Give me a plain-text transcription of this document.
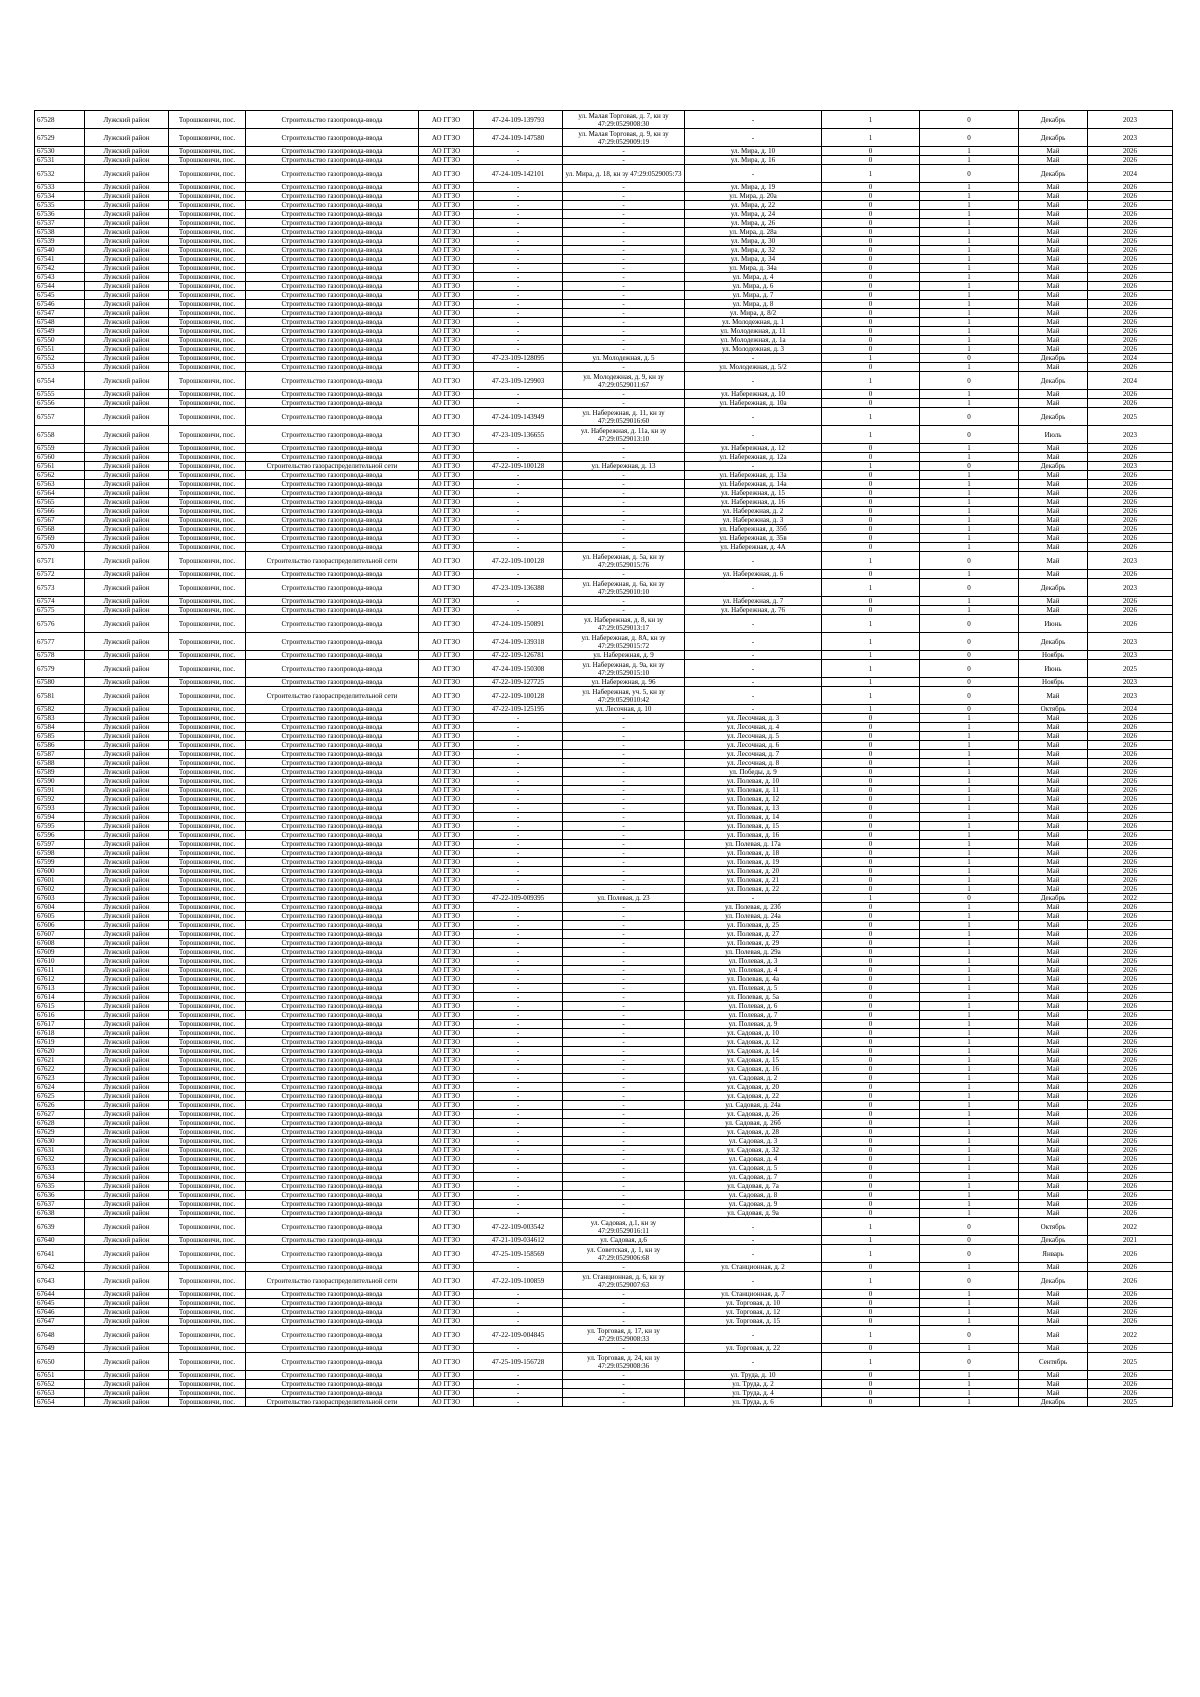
67528	Лужский район	Торошковичи, пос.	Строительство газопровода-ввода	АО ГГЗО	47-24-109-139793	ул. Малая Торговая, д. 7, кн зу 47:29:0529008:30	-	1	0	Декабрь	2023
67529	Лужский район	Торошковичи, пос.	Строительство газопровода-ввода	АО ГГЗО	47-24-109-147580	ул. Малая Торговая, д. 9, кн зу 47:29:0529009:19	-	1	0	Декабрь	2023
67530	Лужский район	Торошковичи, пос.	Строительство газопровода-ввода	АО ГГЗО	-	-	ул. Мира, д. 10	0	1	Май	2026
67531	Лужский район	Торошковичи, пос.	Строительство газопровода-ввода	АО ГГЗО	-	-	ул. Мира, д. 16	0	1	Май	2026
67532	Лужский район	Торошковичи, пос.	Строительство газопровода-ввода	АО ГГЗО	47-24-109-142101	ул. Мира, д. 18, кн зу 47:29:0529005:73	-	1	0	Декабрь	2024
67533	Лужский район	Торошковичи, пос.	Строительство газопровода-ввода	АО ГГЗО	-	-	ул. Мира, д. 19	0	1	Май	2026
67534	Лужский район	Торошковичи, пос.	Строительство газопровода-ввода	АО ГГЗО	-	-	ул. Мира, д. 20а	0	1	Май	2026
67535	Лужский район	Торошковичи, пос.	Строительство газопровода-ввода	АО ГГЗО	-	-	ул. Мира, д. 22	0	1	Май	2026
67536	Лужский район	Торошковичи, пос.	Строительство газопровода-ввода	АО ГГЗО	-	-	ул. Мира, д. 24	0	1	Май	2026
67537	Лужский район	Торошковичи, пос.	Строительство газопровода-ввода	АО ГГЗО	-	-	ул. Мира, д. 26	0	1	Май	2026
67538	Лужский район	Торошковичи, пос.	Строительство газопровода-ввода	АО ГГЗО	-	-	ул. Мира, д. 28а	0	1	Май	2026
67539	Лужский район	Торошковичи, пос.	Строительство газопровода-ввода	АО ГГЗО	-	-	ул. Мира, д. 30	0	1	Май	2026
67540	Лужский район	Торошковичи, пос.	Строительство газопровода-ввода	АО ГГЗО	-	-	ул. Мира, д. 32	0	1	Май	2026
67541	Лужский район	Торошковичи, пос.	Строительство газопровода-ввода	АО ГГЗО	-	-	ул. Мира, д. 34	0	1	Май	2026
67542	Лужский район	Торошковичи, пос.	Строительство газопровода-ввода	АО ГГЗО	-	-	ул. Мира, д. 34а	0	1	Май	2026
67543	Лужский район	Торошковичи, пос.	Строительство газопровода-ввода	АО ГГЗО	-	-	ул. Мира, д. 4	0	1	Май	2026
67544	Лужский район	Торошковичи, пос.	Строительство газопровода-ввода	АО ГГЗО	-	-	ул. Мира, д. 6	0	1	Май	2026
67545	Лужский район	Торошковичи, пос.	Строительство газопровода-ввода	АО ГГЗО	-	-	ул. Мира, д. 7	0	1	Май	2026
67546	Лужский район	Торошковичи, пос.	Строительство газопровода-ввода	АО ГГЗО	-	-	ул. Мира, д. 8	0	1	Май	2026
67547	Лужский район	Торошковичи, пос.	Строительство газопровода-ввода	АО ГГЗО	-	-	ул. Мира, д. 8/2	0	1	Май	2026
67548	Лужский район	Торошковичи, пос.	Строительство газопровода-ввода	АО ГГЗО	-	-	ул. Молодежная, д. 1	0	1	Май	2026
67549	Лужский район	Торошковичи, пос.	Строительство газопровода-ввода	АО ГГЗО	-	-	ул. Молодежная, д. 11	0	1	Май	2026
67550	Лужский район	Торошковичи, пос.	Строительство газопровода-ввода	АО ГГЗО	-	-	ул. Молодежная, д. 1а	0	1	Май	2026
67551	Лужский район	Торошковичи, пос.	Строительство газопровода-ввода	АО ГГЗО	-	-	ул. Молодежная, д. 3	0	1	Май	2026
67552	Лужский район	Торошковичи, пос.	Строительство газопровода-ввода	АО ГГЗО	47-23-109-128095	ул. Молодежная, д. 5	-	1	0	Декабрь	2024
67553	Лужский район	Торошковичи, пос.	Строительство газопровода-ввода	АО ГГЗО	-	-	ул. Молодежная, д. 5/2	0	1	Май	2026
67554	Лужский район	Торошковичи, пос.	Строительство газопровода-ввода	АО ГГЗО	47-23-109-129903	ул. Молодежная, д. 9, кн зу 47:29:0529011:67	-	1	0	Декабрь	2024
67555	Лужский район	Торошковичи, пос.	Строительство газопровода-ввода	АО ГГЗО	-	-	ул. Набережная, д. 10	0	1	Май	2026
67556	Лужский район	Торошковичи, пос.	Строительство газопровода-ввода	АО ГГЗО	-	-	ул. Набережная, д. 10а	0	1	Май	2026
67557	Лужский район	Торошковичи, пос.	Строительство газопровода-ввода	АО ГГЗО	47-24-109-143949	ул. Набережная, д. 11, кн зу 47:29:0529016:60	-	1	0	Декабрь	2025
67558	Лужский район	Торошковичи, пос.	Строительство газопровода-ввода	АО ГГЗО	47-23-109-136655	ул. Набережная, д. 11а, кн зу 47:29:0529013:10	-	1	0	Июль	2023
67559	Лужский район	Торошковичи, пос.	Строительство газопровода-ввода	АО ГГЗО	-	-	ул. Набережная, д. 12	0	1	Май	2026
67560	Лужский район	Торошковичи, пос.	Строительство газопровода-ввода	АО ГГЗО	-	-	ул. Набережная, д. 12а	0	1	Май	2026
67561	Лужский район	Торошковичи, пос.	Строительство газораспределительной сети	АО ГГЗО	47-22-109-100128	ул. Набережная, д. 13	-	1	0	Декабрь	2023
67562	Лужский район	Торошковичи, пос.	Строительство газопровода-ввода	АО ГГЗО	-	-	ул. Набережная, д. 13а	0	1	Май	2026
67563	Лужский район	Торошковичи, пос.	Строительство газопровода-ввода	АО ГГЗО	-	-	ул. Набережная, д. 14а	0	1	Май	2026
67564	Лужский район	Торошковичи, пос.	Строительство газопровода-ввода	АО ГГЗО	-	-	ул. Набережная, д. 15	0	1	Май	2026
67565	Лужский район	Торошковичи, пос.	Строительство газопровода-ввода	АО ГГЗО	-	-	ул. Набережная, д. 16	0	1	Май	2026
67566	Лужский район	Торошковичи, пос.	Строительство газопровода-ввода	АО ГГЗО	-	-	ул. Набережная, д. 2	0	1	Май	2026
67567	Лужский район	Торошковичи, пос.	Строительство газопровода-ввода	АО ГГЗО	-	-	ул. Набережная, д. 3	0	1	Май	2026
67568	Лужский район	Торошковичи, пос.	Строительство газопровода-ввода	АО ГГЗО	-	-	ул. Набережная, д. 35б	0	1	Май	2026
67569	Лужский район	Торошковичи, пос.	Строительство газопровода-ввода	АО ГГЗО	-	-	ул. Набережная, д. 35в	0	1	Май	2026
67570	Лужский район	Торошковичи, пос.	Строительство газопровода-ввода	АО ГГЗО	-	-	ул. Набережная, д. 4А	0	1	Май	2026
67571	Лужский район	Торошковичи, пос.	Строительство газораспределительной сети	АО ГГЗО	47-22-109-100128	ул. Набережная, д. 5а, кн зу 47:29:0529015:76	-	1	0	Май	2023
67572	Лужский район	Торошковичи, пос.	Строительство газопровода-ввода	АО ГГЗО	-	-	ул. Набережная, д. 6	0	1	Май	2026
67573	Лужский район	Торошковичи, пос.	Строительство газопровода-ввода	АО ГГЗО	47-23-109-136388	ул. Набережная, д. 6а, кн зу 47:29:0529010:10	-	1	0	Декабрь	2023
67574	Лужский район	Торошковичи, пос.	Строительство газопровода-ввода	АО ГГЗО	-	-	ул. Набережная, д. 7	0	1	Май	2026
67575	Лужский район	Торошковичи, пос.	Строительство газопровода-ввода	АО ГГЗО	-	-	ул. Набережная, д. 76	0	1	Май	2026
67576	Лужский район	Торошковичи, пос.	Строительство газопровода-ввода	АО ГГЗО	47-24-109-150891	ул. Набережная, д. 8, кн зу 47:29:0529013:17	-	1	0	Июнь	2026
67577	Лужский район	Торошковичи, пос.	Строительство газопровода-ввода	АО ГГЗО	47-24-109-139318	ул. Набережная, д. 8А, кн зу 47:29:0529015:72	-	1	0	Декабрь	2023
67578	Лужский район	Торошковичи, пос.	Строительство газопровода-ввода	АО ГГЗО	47-22-109-126781	ул. Набережная, д. 9	-	1	0	Ноябрь	2023
67579	Лужский район	Торошковичи, пос.	Строительство газопровода-ввода	АО ГГЗО	47-24-109-150308	ул. Набережная, д. 9а, кн зу 47:29:0529015:10	-	1	0	Июнь	2025
67580	Лужский район	Торошковичи, пос.	Строительство газопровода-ввода	АО ГГЗО	47-22-109-127725	ул. Набережная, д. 96	-	1	0	Ноябрь	2023
67581	Лужский район	Торошковичи, пос.	Строительство газораспределительной сети	АО ГГЗО	47-22-109-100128	ул. Набережная, уч. 5, кн зу 47:29:0529010:42	-	1	0	Май	2023
67582	Лужский район	Торошковичи, пос.	Строительство газопровода-ввода	АО ГГЗО	47-22-109-125195	ул. Лесочная, д. 10	-	1	0	Октябрь	2024
67583	Лужский район	Торошковичи, пос.	Строительство газопровода-ввода	АО ГГЗО	-	-	ул. Лесочная, д. 3	0	1	Май	2026
67584	Лужский район	Торошковичи, пос.	Строительство газопровода-ввода	АО ГГЗО	-	-	ул. Лесочная, д. 4	0	1	Май	2026
67585	Лужский район	Торошковичи, пос.	Строительство газопровода-ввода	АО ГГЗО	-	-	ул. Лесочная, д. 5	0	1	Май	2026
67586	Лужский район	Торошковичи, пос.	Строительство газопровода-ввода	АО ГГЗО	-	-	ул. Лесочная, д. 6	0	1	Май	2026
67587	Лужский район	Торошковичи, пос.	Строительство газопровода-ввода	АО ГГЗО	-	-	ул. Лесочная, д. 7	0	1	Май	2026
67588	Лужский район	Торошковичи, пос.	Строительство газопровода-ввода	АО ГГЗО	-	-	ул. Лесочная, д. 8	0	1	Май	2026
67589	Лужский район	Торошковичи, пос.	Строительство газопровода-ввода	АО ГГЗО	-	-	ул. Победы, д. 9	0	1	Май	2026
67590	Лужский район	Торошковичи, пос.	Строительство газопровода-ввода	АО ГГЗО	-	-	ул. Полевая, д. 10	0	1	Май	2026
67591	Лужский район	Торошковичи, пос.	Строительство газопровода-ввода	АО ГГЗО	-	-	ул. Полевая, д. 11	0	1	Май	2026
67592	Лужский район	Торошковичи, пос.	Строительство газопровода-ввода	АО ГГЗО	-	-	ул. Полевая, д. 12	0	1	Май	2026
67593	Лужский район	Торошковичи, пос.	Строительство газопровода-ввода	АО ГГЗО	-	-	ул. Полевая, д. 13	0	1	Май	2026
67594	Лужский район	Торошковичи, пос.	Строительство газопровода-ввода	АО ГГЗО	-	-	ул. Полевая, д. 14	0	1	Май	2026
67595	Лужский район	Торошковичи, пос.	Строительство газопровода-ввода	АО ГГЗО	-	-	ул. Полевая, д. 15	0	1	Май	2026
67596	Лужский район	Торошковичи, пос.	Строительство газопровода-ввода	АО ГГЗО	-	-	ул. Полевая, д. 16	0	1	Май	2026
67597	Лужский район	Торошковичи, пос.	Строительство газопровода-ввода	АО ГГЗО	-	-	ул. Полевая, д. 17а	0	1	Май	2026
67598	Лужский район	Торошковичи, пос.	Строительство газопровода-ввода	АО ГГЗО	-	-	ул. Полевая, д. 18	0	1	Май	2026
67599	Лужский район	Торошковичи, пос.	Строительство газопровода-ввода	АО ГГЗО	-	-	ул. Полевая, д. 19	0	1	Май	2026
67600	Лужский район	Торошковичи, пос.	Строительство газопровода-ввода	АО ГГЗО	-	-	ул. Полевая, д. 20	0	1	Май	2026
67601	Лужский район	Торошковичи, пос.	Строительство газопровода-ввода	АО ГГЗО	-	-	ул. Полевая, д. 21	0	1	Май	2026
67602	Лужский район	Торошковичи, пос.	Строительство газопровода-ввода	АО ГГЗО	-	-	ул. Полевая, д. 22	0	1	Май	2026
67603	Лужский район	Торошковичи, пос.	Строительство газопровода-ввода	АО ГГЗО	47-22-109-009395	ул. Полевая, д. 23	-	1	0	Декабрь	2022
67604	Лужский район	Торошковичи, пос.	Строительство газопровода-ввода	АО ГГЗО	-	-	ул. Полевая, д. 23б	0	1	Май	2026
67605	Лужский район	Торошковичи, пос.	Строительство газопровода-ввода	АО ГГЗО	-	-	ул. Полевая, д. 24а	0	1	Май	2026
67606	Лужский район	Торошковичи, пос.	Строительство газопровода-ввода	АО ГГЗО	-	-	ул. Полевая, д. 25	0	1	Май	2026
67607	Лужский район	Торошковичи, пос.	Строительство газопровода-ввода	АО ГГЗО	-	-	ул. Полевая, д. 27	0	1	Май	2026
67608	Лужский район	Торошковичи, пос.	Строительство газопровода-ввода	АО ГГЗО	-	-	ул. Полевая, д. 29	0	1	Май	2026
67609	Лужский район	Торошковичи, пос.	Строительство газопровода-ввода	АО ГГЗО	-	-	ул. Полевая, д. 29а	0	1	Май	2026
67610	Лужский район	Торошковичи, пос.	Строительство газопровода-ввода	АО ГГЗО	-	-	ул. Полевая, д. 3	0	1	Май	2026
67611	Лужский район	Торошковичи, пос.	Строительство газопровода-ввода	АО ГГЗО	-	-	ул. Полевая, д. 4	0	1	Май	2026
67612	Лужский район	Торошковичи, пос.	Строительство газопровода-ввода	АО ГГЗО	-	-	ул. Полевая, д. 4а	0	1	Май	2026
67613	Лужский район	Торошковичи, пос.	Строительство газопровода-ввода	АО ГГЗО	-	-	ул. Полевая, д. 5	0	1	Май	2026
67614	Лужский район	Торошковичи, пос.	Строительство газопровода-ввода	АО ГГЗО	-	-	ул. Полевая, д. 5а	0	1	Май	2026
67615	Лужский район	Торошковичи, пос.	Строительство газопровода-ввода	АО ГГЗО	-	-	ул. Полевая, д. 6	0	1	Май	2026
67616	Лужский район	Торошковичи, пос.	Строительство газопровода-ввода	АО ГГЗО	-	-	ул. Полевая, д. 7	0	1	Май	2026
67617	Лужский район	Торошковичи, пос.	Строительство газопровода-ввода	АО ГГЗО	-	-	ул. Полевая, д. 9	0	1	Май	2026
67618	Лужский район	Торошковичи, пос.	Строительство газопровода-ввода	АО ГГЗО	-	-	ул. Садовая, д. 10	0	1	Май	2026
67619	Лужский район	Торошковичи, пос.	Строительство газопровода-ввода	АО ГГЗО	-	-	ул. Садовая, д. 12	0	1	Май	2026
67620	Лужский район	Торошковичи, пос.	Строительство газопровода-ввода	АО ГГЗО	-	-	ул. Садовая, д. 14	0	1	Май	2026
67621	Лужский район	Торошковичи, пос.	Строительство газопровода-ввода	АО ГГЗО	-	-	ул. Садовая, д. 15	0	1	Май	2026
67622	Лужский район	Торошковичи, пос.	Строительство газопровода-ввода	АО ГГЗО	-	-	ул. Садовая, д. 16	0	1	Май	2026
67623	Лужский район	Торошковичи, пос.	Строительство газопровода-ввода	АО ГГЗО	-	-	ул. Садовая, д. 2	0	1	Май	2026
67624	Лужский район	Торошковичи, пос.	Строительство газопровода-ввода	АО ГГЗО	-	-	ул. Садовая, д. 20	0	1	Май	2026
67625	Лужский район	Торошковичи, пос.	Строительство газопровода-ввода	АО ГГЗО	-	-	ул. Садовая, д. 22	0	1	Май	2026
67626	Лужский район	Торошковичи, пос.	Строительство газопровода-ввода	АО ГГЗО	-	-	ул. Садовая, д. 24а	0	1	Май	2026
67627	Лужский район	Торошковичи, пос.	Строительство газопровода-ввода	АО ГГЗО	-	-	ул. Садовая, д. 26	0	1	Май	2026
67628	Лужский район	Торошковичи, пос.	Строительство газопровода-ввода	АО ГГЗО	-	-	ул. Садовая, д. 26б	0	1	Май	2026
67629	Лужский район	Торошковичи, пос.	Строительство газопровода-ввода	АО ГГЗО	-	-	ул. Садовая, д. 28	0	1	Май	2026
67630	Лужский район	Торошковичи, пос.	Строительство газопровода-ввода	АО ГГЗО	-	-	ул. Садовая, д. 3	0	1	Май	2026
67631	Лужский район	Торошковичи, пос.	Строительство газопровода-ввода	АО ГГЗО	-	-	ул. Садовая, д. 32	0	1	Май	2026
67632	Лужский район	Торошковичи, пос.	Строительство газопровода-ввода	АО ГГЗО	-	-	ул. Садовая, д. 4	0	1	Май	2026
67633	Лужский район	Торошковичи, пос.	Строительство газопровода-ввода	АО ГГЗО	-	-	ул. Садовая, д. 5	0	1	Май	2026
67634	Лужский район	Торошковичи, пос.	Строительство газопровода-ввода	АО ГГЗО	-	-	ул. Садовая, д. 7	0	1	Май	2026
67635	Лужский район	Торошковичи, пос.	Строительство газопровода-ввода	АО ГГЗО	-	-	ул. Садовая, д. 7а	0	1	Май	2026
67636	Лужский район	Торошковичи, пос.	Строительство газопровода-ввода	АО ГГЗО	-	-	ул. Садовая, д. 8	0	1	Май	2026
67637	Лужский район	Торошковичи, пос.	Строительство газопровода-ввода	АО ГГЗО	-	-	ул. Садовая, д. 9	0	1	Май	2026
67638	Лужский район	Торошковичи, пос.	Строительство газопровода-ввода	АО ГГЗО	-	-	ул. Садовая, д. 9а	0	1	Май	2026
67639	Лужский район	Торошковичи, пос.	Строительство газопровода-ввода	АО ГГЗО	47-22-109-003542	ул. Садовая, д.1, кн зу 47:29:0529016:11	-	1	0	Октябрь	2022
67640	Лужский район	Торошковичи, пос.	Строительство газопровода-ввода	АО ГГЗО	47-21-109-034612	ул. Садовая, д.6	-	1	0	Декабрь	2021
67641	Лужский район	Торошковичи, пос.	Строительство газопровода-ввода	АО ГГЗО	47-25-109-158569	ул. Советская, д. 1, кн зу 47:29:0529006:68	-	1	0	Январь	2026
67642	Лужский район	Торошковичи, пос.	Строительство газопровода-ввода	АО ГГЗО	-	-	ул. Станционная, д. 2	0	1	Май	2026
67643	Лужский район	Торошковичи, пос.	Строительство газораспределительной сети	АО ГГЗО	47-22-109-100859	ул. Станционная, д. 6, кн зу 47:29:0529007:63	-	1	0	Декабрь	2026
67644	Лужский район	Торошковичи, пос.	Строительство газопровода-ввода	АО ГГЗО	-	-	ул. Станционная, д. 7	0	1	Май	2026
67645	Лужский район	Торошковичи, пос.	Строительство газопровода-ввода	АО ГГЗО	-	-	ул. Торговая, д. 10	0	1	Май	2026
67646	Лужский район	Торошковичи, пос.	Строительство газопровода-ввода	АО ГГЗО	-	-	ул. Торговая, д. 12	0	1	Май	2026
67647	Лужский район	Торошковичи, пос.	Строительство газопровода-ввода	АО ГГЗО	-	-	ул. Торговая, д. 15	0	1	Май	2026
67648	Лужский район	Торошковичи, пос.	Строительство газопровода-ввода	АО ГГЗО	47-22-109-004845	ул. Торговая, д. 17, кн зу 47:29:0529008:33	-	1	0	Май	2022
67649	Лужский район	Торошковичи, пос.	Строительство газопровода-ввода	АО ГГЗО	-	-	ул. Торговая, д. 22	0	1	Май	2026
67650	Лужский район	Торошковичи, пос.	Строительство газопровода-ввода	АО ГГЗО	47-25-109-156728	ул. Торговая, д. 24, кн зу 47:29:0529008:36	-	1	0	Сентябрь	2025
67651	Лужский район	Торошковичи, пос.	Строительство газопровода-ввода	АО ГГЗО	-	-	ул. Труда, д. 10	0	1	Май	2026
67652	Лужский район	Торошковичи, пос.	Строительство газопровода-ввода	АО ГГЗО	-	-	ул. Труда, д. 2	0	1	Май	2026
67653	Лужский район	Торошковичи, пос.	Строительство газопровода-ввода	АО ГГЗО	-	-	ул. Труда, д. 4	0	1	Май	2026
67654	Лужский район	Торошковичи, пос.	Строительство газораспределительной сети	АО ГГЗО	-	-	ул. Труда, д. 6	0	1	Декабрь	2025
